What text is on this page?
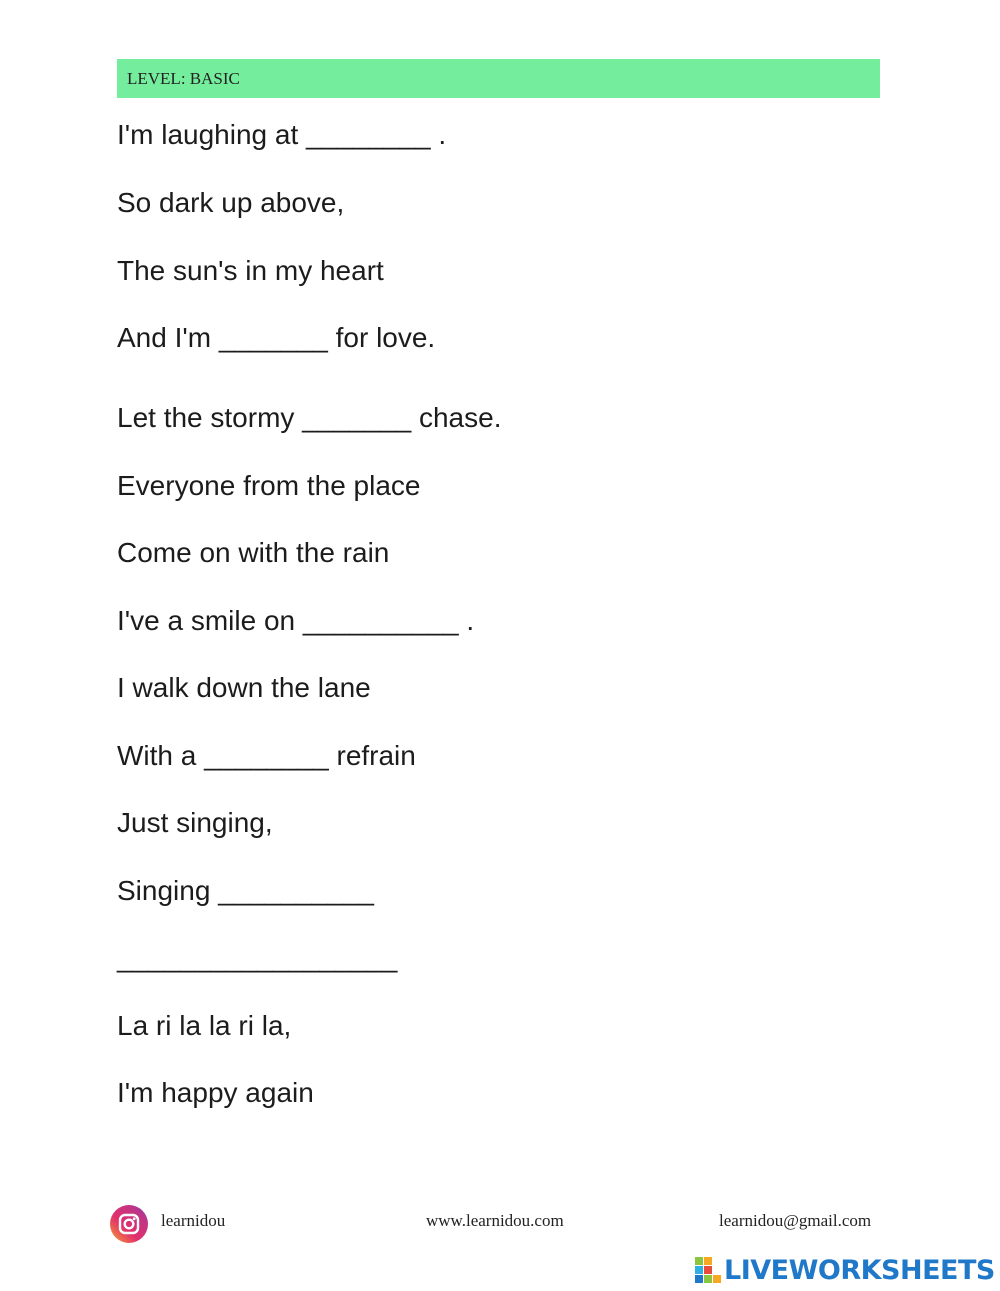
LEVEL: BASIC
I'm laughing at ________ .
So dark up above,
The sun's in my heart
And I'm _______ for love.
Let the stormy _______ chase.
Everyone from the place
Come on with the rain
I've a smile on __________ .
I walk down the lane
With a ________ refrain
Just singing,
Singing __________
__________________
La ri la la ri la,
I'm happy again
learnidou	www.learnidou.com	learnidou@gmail.com
LIVEWORKSHEETS
